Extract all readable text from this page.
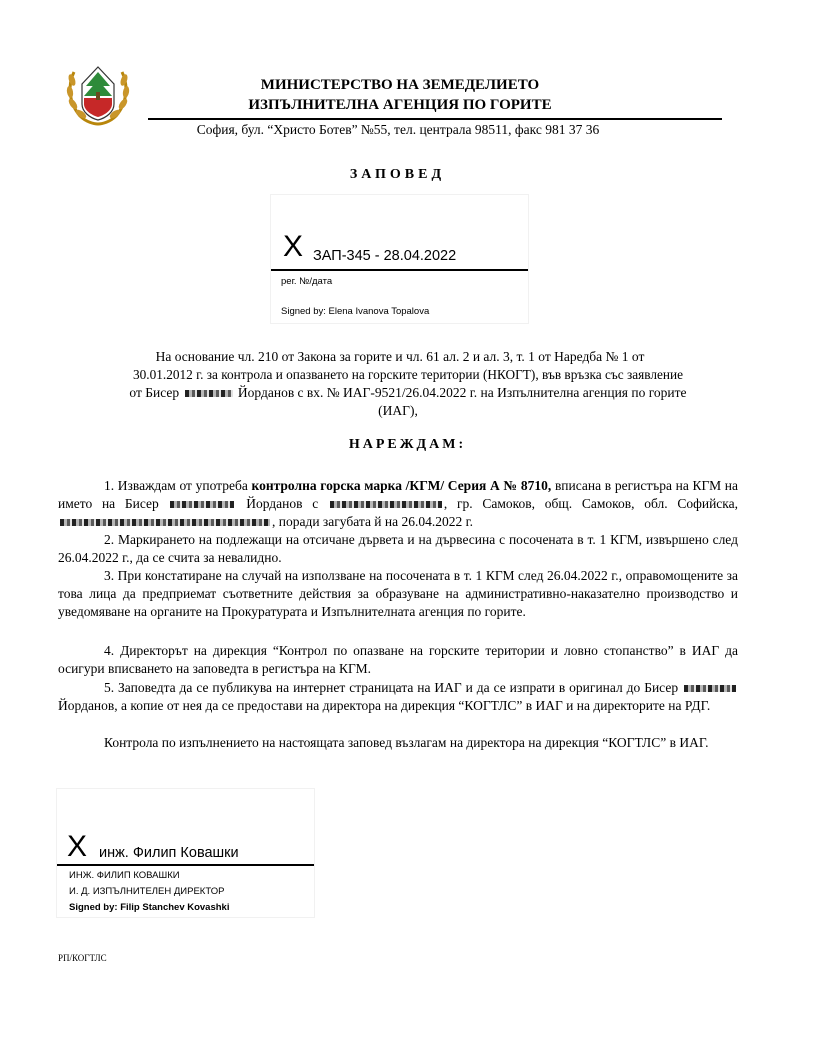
МИНИСТЕРСТВО НА ЗЕМЕДЕЛИЕТО
ИЗПЪЛНИТЕЛНА АГЕНЦИЯ ПО ГОРИТЕ
София, бул. “Христо Ботев” №55, тел. централа 98511, факс 981 37 36
ЗАПОВЕД
X ЗАП-345 - 28.04.2022
рег. №/дата
Signed by: Elena Ivanova Topalova
На основание чл. 210 от Закона за горите и чл. 61 ал. 2 и ал. 3, т. 1 от Наредба № 1 от
30.01.2012 г. за контрола и опазването на горските територии (НКОГТ), във връзка със заявление
от Бисер	Йорданов с вх. № ИАГ-9521/26.04.2022 г. на Изпълнителна агенция по горите
(ИАГ),
НАРЕЖДАМ:
1. Изваждам от употреба контролна горска марка /КГМ/ Серия А № 8710, вписана в регистъра на КГМ на името на Бисер	Йорданов с	, гр. Самоков, общ. Самоков, обл. Софийска, , поради загубата й на 26.04.2022 г.
2. Маркирането на подлежащи на отсичане дървета и на дървесина с посочената в т. 1 КГМ, извършено след 26.04.2022 г., да се счита за невалидно.
3. При констатиране на случай на използване на посочената в т. 1 КГМ след 26.04.2022 г., оправомощените за това лица да предприемат съответните действия за образуване на административно-наказателно производство и уведомяване на органите на Прокуратурата и Изпълнителната агенция по горите.
4. Директорът на дирекция “Контрол по опазване на горските територии и ловно стопанство” в ИАГ да осигури вписването на заповедта в регистъра на КГМ.
5. Заповедта да се публикува на интернет страницата на ИАГ и да се изпрати в оригинал до Бисер  Йорданов, а копие от нея да се предостави на директора на дирекция “КОГТЛС” в ИАГ и на директорите на РДГ.
Контрола по изпълнението на настоящата заповед възлагам на директора на дирекция “КОГТЛС” в ИАГ.
X инж. Филип Ковашки
ИНЖ. ФИЛИП КОВАШКИ
И. Д. ИЗПЪЛНИТЕЛЕН ДИРЕКТОР
Signed by: Filip Stanchev Kovashki
РП/КОГТЛС
